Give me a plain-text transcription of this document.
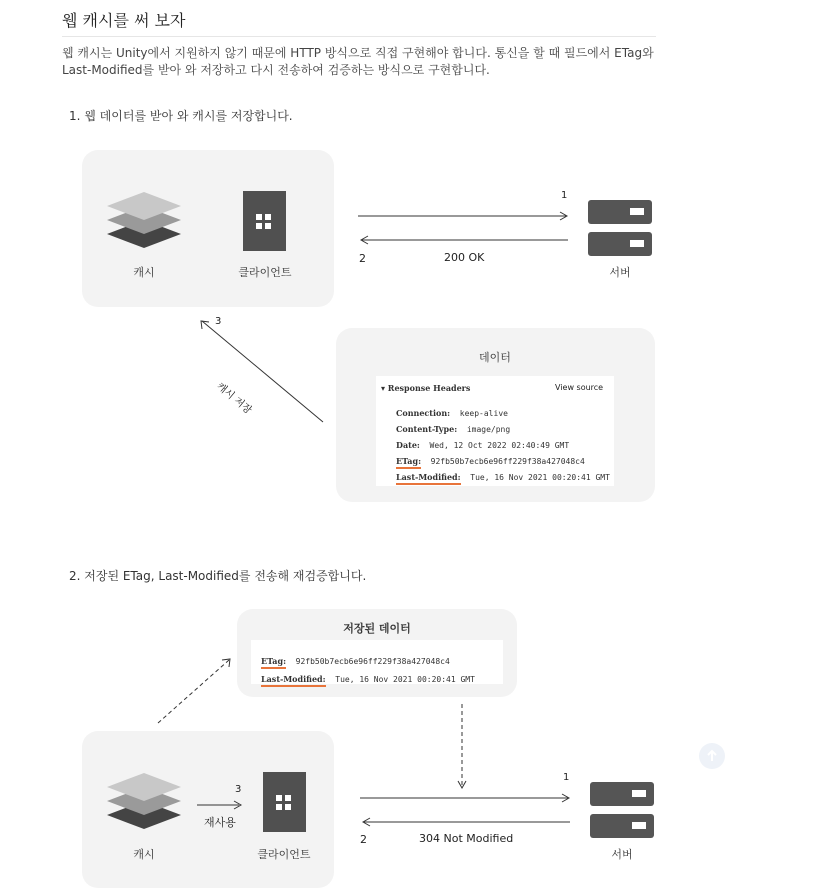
웹 캐시를 써 보자
웹 캐시는 Unity에서 지원하지 않기 때문에 HTTP 방식으로 직접 구현해야 합니다. 통신을 할 때 필드에서 ETag와 Last-Modified를 받아 와 저장하고 다시 전송하여 검증하는 방식으로 구현합니다.
1. 웹 데이터를 받아 와 캐시를 저장합니다.
캐시	클라이언트
1
2	200 OK
서버
3
캐시 저장
데이터
▾ Response Headers	View source
Connection: keep-alive
Content-Type: image/png
Date: Wed, 12 Oct 2022 02:40:49 GMT
ETag: 92fb50b7ecb6e96ff229f38a427048c4
Last-Modified: Tue, 16 Nov 2021 00:20:41 GMT
2. 저장된 ETag, Last-Modified를 전송해 재검증합니다.
저장된 데이터
ETag: 92fb50b7ecb6e96ff229f38a427048c4
Last-Modified: Tue, 16 Nov 2021 00:20:41 GMT
캐시
3
재사용
클라이언트
1
2	304 Not Modified
서버
